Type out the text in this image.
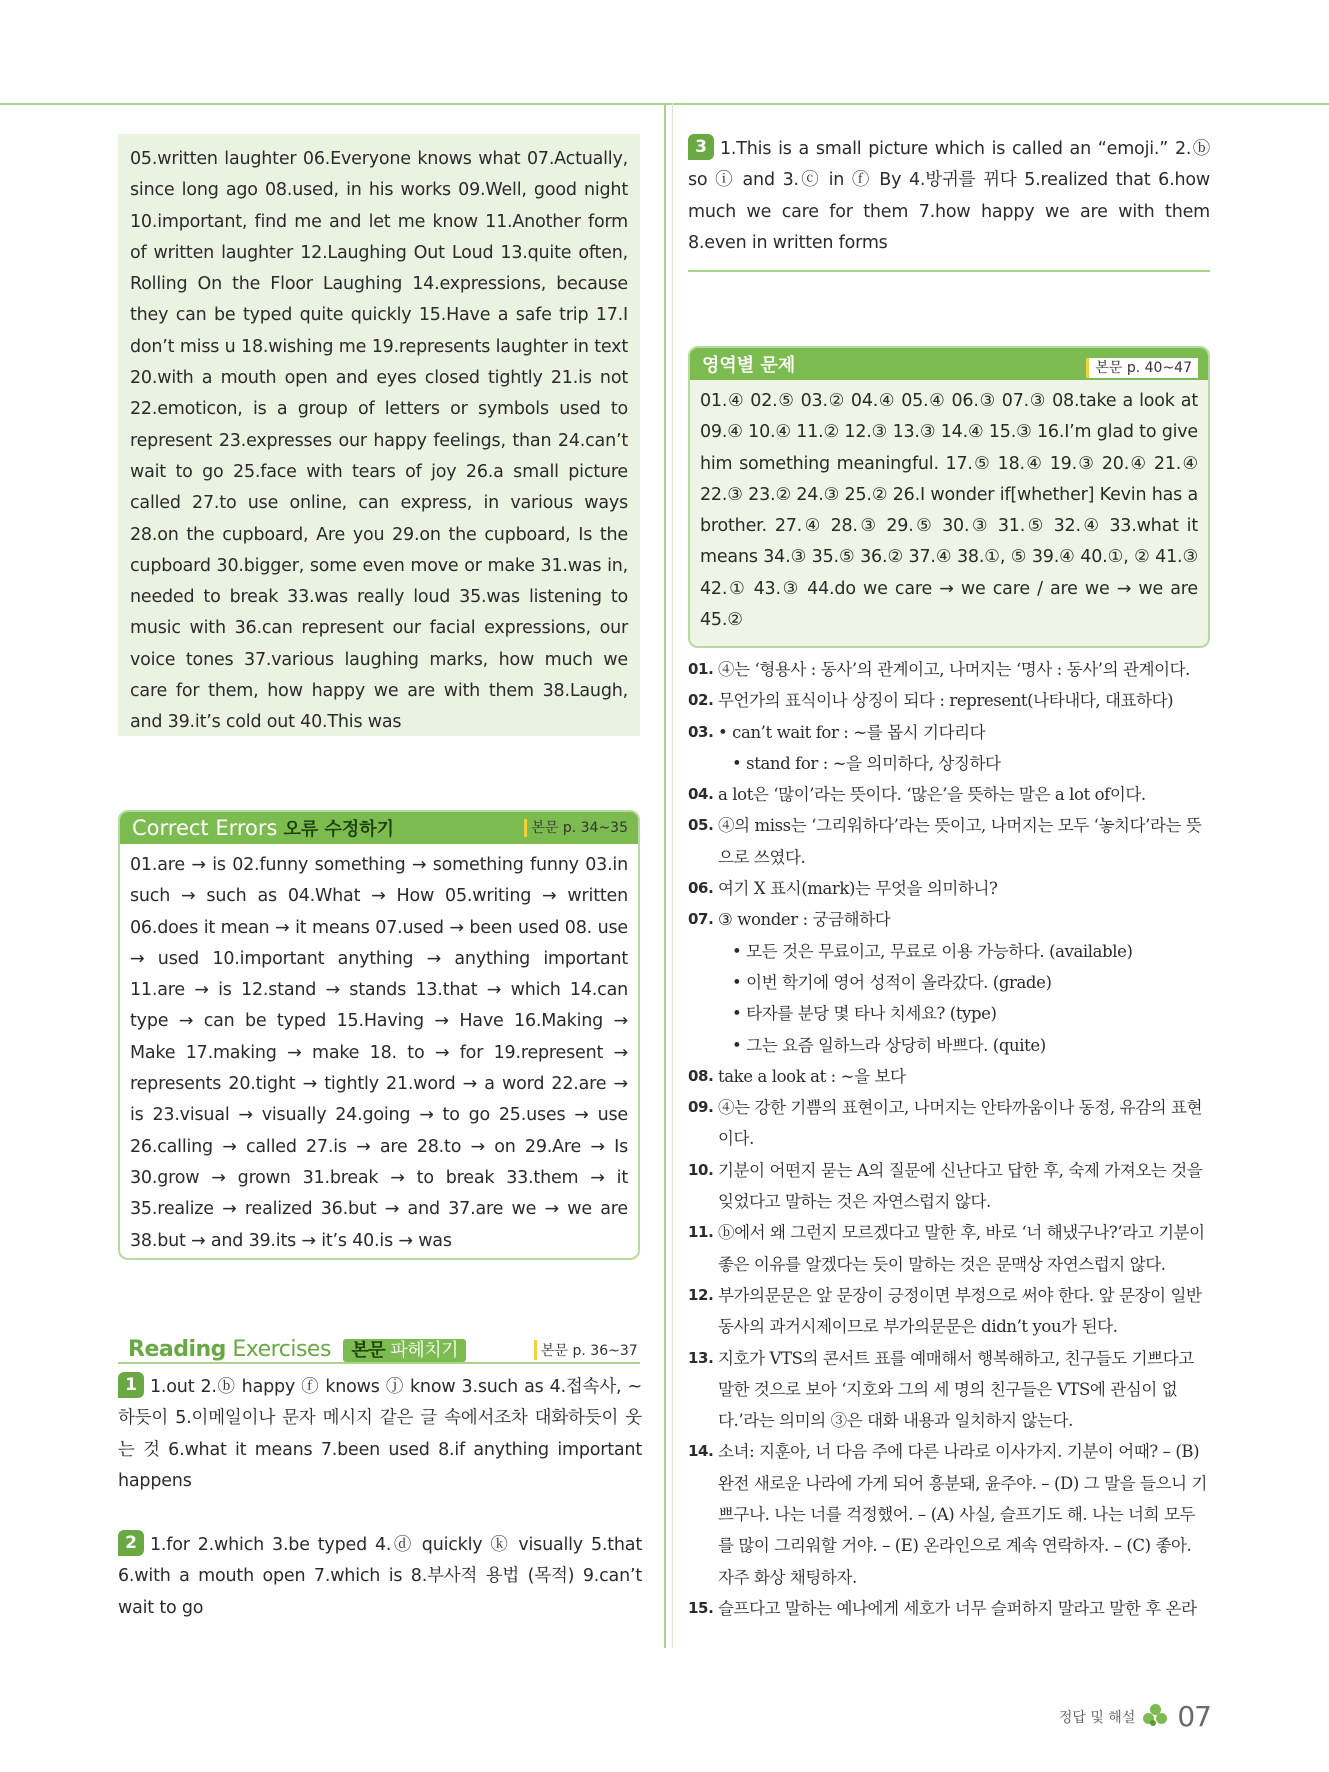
05.written laughter 06.Everyone knows what 07.Actually, since long ago 08.used, in his works 09.Well, good night 10.important, find me and let me know 11.Another form of written laughter 12.Laughing Out Loud 13.quite often, Rolling On the Floor Laughing 14.expressions, because they can be typed quite quickly 15.Have a safe trip 17.I don’t miss u 18.wishing me 19.represents laughter in text 20.with a mouth open and eyes closed tightly 21.is not 22.emoticon, is a group of letters or symbols used to represent 23.expresses our happy feelings, than 24.can’t wait to go 25.face with tears of joy 26.a small picture called 27.to use online, can express, in various ways 28.on the cupboard, Are you 29.on the cupboard, Is the cupboard 30.bigger, some even move or make 31.was in, needed to break 33.was really loud 35.was listening to music with 36.can represent our facial expressions, our voice tones 37.various laughing marks, how much we care for them, how happy we are with them 38.Laugh, and 39.it’s cold out 40.This was

Correct Errors 오류 수정하기	본문 p. 34~35

01.are → is 02.funny something → something funny 03.in such → such as 04.What → How 05.writing → written 06.does it mean → it means 07.used → been used 08. use → used 10.important anything → anything important 11.are → is 12.stand → stands 13.that → which 14.can type → can be typed 15.Having → Have 16.Making → Make 17.making → make 18. to → for 19.represent → represents 20.tight → tightly 21.word → a word 22.are → is 23.visual → visually 24.going → to go 25.uses → use 26.calling → called 27.is → are 28.to → on 29.Are → Is 30.grow → grown 31.break → to break 33.them → it 35.realize → realized 36.but → and 37.are we → we are 38.but → and 39.its → it’s 40.is → was

Reading Exercises 본문 파헤치기	본문 p. 36~37

1 1.out 2.ⓑ happy ⓕ knows ⓙ know 3.such as 4.접속사, ~하듯이 5.이메일이나 문자 메시지 같은 글 속에서조차 대화하듯이 웃는 것 6.what it means 7.been used 8.if anything important happens

2 1.for 2.which 3.be typed 4.ⓓ quickly ⓚ visually 5.that 6.with a mouth open 7.which is 8.부사적 용법 (목적) 9.can’t wait to go

3 1.This is a small picture which is called an “emoji.” 2.ⓑ so ⓘ and 3.ⓒ in ⓕ By 4.방귀를 뀌다 5.realized that 6.how much we care for them 7.how happy we are with them 8.even in written forms

영역별 문제	본문 p. 40~47

01.④ 02.⑤ 03.② 04.④ 05.④ 06.③ 07.③ 08.take a look at 09.④ 10.④ 11.② 12.③ 13.③ 14.④ 15.③ 16.I’m glad to give him something meaningful. 17.⑤ 18.④ 19.③ 20.④ 21.④ 22.③ 23.② 24.③ 25.② 26.I wonder if[whether] Kevin has a brother. 27.④ 28.③ 29.⑤ 30.③ 31.⑤ 32.④ 33.what it means 34.③ 35.⑤ 36.② 37.④ 38.①, ⑤ 39.④ 40.①, ② 41.③ 42.① 43.③ 44.do we care → we care / are we → we are 45.②

01. ④는 ‘형용사 : 동사’의 관계이고, 나머지는 ‘명사 : 동사’의 관계이다.
02. 무언가의 표식이나 상징이 되다 : represent(나타내다, 대표하다)
03. • can’t wait for : ~를 몹시 기다리다
• stand for : ~을 의미하다, 상징하다
04. a lot은 ‘많이’라는 뜻이다. ‘많은’을 뜻하는 말은 a lot of이다.
05. ④의 miss는 ‘그리워하다’라는 뜻이고, 나머지는 모두 ‘놓치다’라는 뜻으로 쓰였다.
06. 여기 X 표시(mark)는 무엇을 의미하니?
07. ③ wonder : 궁금해하다
• 모든 것은 무료이고, 무료로 이용 가능하다. (available)
• 이번 학기에 영어 성적이 올라갔다. (grade)
• 타자를 분당 몇 타나 치세요? (type)
• 그는 요즘 일하느라 상당히 바쁘다. (quite)
08. take a look at : ~을 보다
09. ④는 강한 기쁨의 표현이고, 나머지는 안타까움이나 동정, 유감의 표현이다.
10. 기분이 어떤지 묻는 A의 질문에 신난다고 답한 후, 숙제 가져오는 것을 잊었다고 말하는 것은 자연스럽지 않다.
11. ⓑ에서 왜 그런지 모르겠다고 말한 후, 바로 ‘너 해냈구나?’라고 기분이 좋은 이유를 알겠다는 듯이 말하는 것은 문맥상 자연스럽지 않다.
12. 부가의문문은 앞 문장이 긍정이면 부정으로 써야 한다. 앞 문장이 일반동사의 과거시제이므로 부가의문문은 didn’t you가 된다.
13. 지호가 VTS의 콘서트 표를 예매해서 행복해하고, 친구들도 기쁘다고 말한 것으로 보아 ‘지호와 그의 세 명의 친구들은 VTS에 관심이 없다.’라는 의미의 ③은 대화 내용과 일치하지 않는다.
14. 소녀: 지훈아, 너 다음 주에 다른 나라로 이사가지. 기분이 어때? – (B) 완전 새로운 나라에 가게 되어 흥분돼, 윤주야. – (D) 그 말을 들으니 기쁘구나. 나는 너를 걱정했어. – (A) 사실, 슬프기도 해. 나는 너희 모두를 많이 그리워할 거야. – (E) 온라인으로 계속 연락하자. – (C) 좋아. 자주 화상 채팅하자.
15. 슬프다고 말하는 예나에게 세호가 너무 슬퍼하지 말라고 말한 후 온라
정답 및 해설 07
